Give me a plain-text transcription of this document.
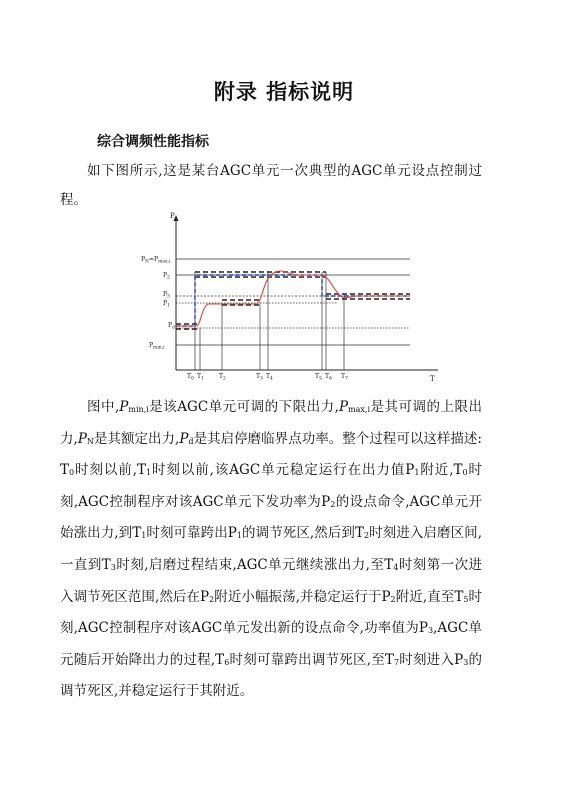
附录 指标说明
综合调频性能指标
如下图所示,这是某台AGC单元一次典型的AGC单元设点控制过程。
P
T
$P_N=P_{max,i}$
$P_2$
$P_3$
$P_1$
$P_d$
$P_{min,i}$
$T_0$ $T_1$	$T_2$	$T_3$ $T_4$	$T_5$ $T_6$ $T_7$
图中$,P_{min,i}$是该AGC单元可调的下限出力$,P_{max,i}$是其可调的上限出力$,P_N$是其额定出力$,P_d$是其启停磨临界点功率。整个过程可以这样描述: $T_0$时刻以前$,T_1$时刻以前,该AGC单元稳定运行在出力值$P_1$附近$,T_0$时刻,AGC控制程序对该AGC单元下发功率为$P_2$的设点命令,AGC单元开始涨出力,到$T_1$时刻可靠跨出$P_1$的调节死区,然后到$T_2$时刻进入启磨区间,一直到$T_3$时刻,启磨过程结束,AGC单元继续涨出力,至$T_4$时刻第一次进入调节死区范围,然后在$P_2$附近小幅振荡,并稳定运行于$P_2$附近,直至$T_5$时刻,AGC控制程序对该AGC单元发出新的设点命令,功率值为$P_3,AGC$单元随后开始降出力的过程$,T_6$时刻可靠跨出调节死区,至$T_7$时刻进入$P_3$的调节死区,并稳定运行于其附近。
